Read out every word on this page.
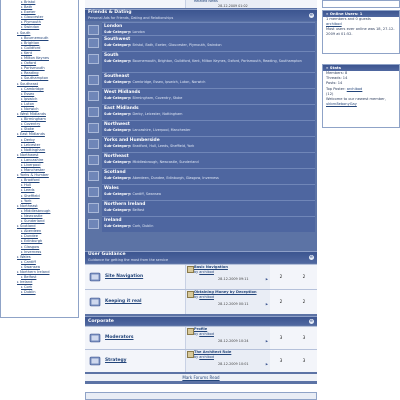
▸ Bristol
▸ Bath
▸ Exeter
▸ Gloucester
▸ Plymouth
▸ Swindon
▸ South
▸ Bournemouth
▸ Brighton
▸ Guildford
▸ Kent
▸ Milton Keynes
▸ Oxford
▸ Portsmouth
▸ Reading
▸ Southampton
▸ Southeast
▸ Cambridge
▸ Essex
▸ Ipswich
▸ Luton
▸ Norwich
▸ West Midlands
▸ Birmingham
▸ Coventry
▸ Stoke
▸ East Midlands
▸ Derby
▸ Leicester
▸ Nottingham
▸ Northwest
▸ Lancashire
▸ Liverpool
▸ Manchester
▸ Yorks & Humber
▸ Bradford
▸ Hull
▸ Leeds
▸ Sheffield
▸ York
▸ Northeast
▸ Middlesbrough
▸ Newcastle
▸ Sunderland
▸ Scotland
▸ Aberdeen
▸ Dundee
▸ Edinburgh
▸ Glasgow
▸ Inverness
▸ Wales
▸ Cardiff
▸ Swansea
▸ Northern Ireland
▸ Belfast
▸ Ireland
▸ Cork
▸ Dublin
Related News
28-12-2009 01:02
Friends & Dating
Personal Ads for Friends, Dating and Relationships
⊖
London
Sub-Category: London
Southwest
Sub-Category: Bristol, Bath, Exeter, Gloucester, Plymouth, Swindon
South
Sub-Category: Bournemouth, Brighton, Guildford, Kent, Milton Keynes, Oxford, Portsmouth, Reading, Southampton
Southeast
Sub-Category: Cambridge, Essex, Ipswich, Luton, Norwich
West Midlands
Sub-Category: Birmingham, Coventry, Stoke
East Midlands
Sub-Category: Derby, Leicester, Nottingham
Northwest
Sub-Category: Lancashire, Liverpool, Manchester
Yorks and Humberside
Sub-Category: Bradford, Hull, Leeds, Sheffield, York
Northeast
Sub-Category: Middlesbrough, Newcastle, Sunderland
Scotland
Sub-Category: Aberdeen, Dundee, Edinburgh, Glasgow, Inverness
Wales
Sub-Category: Cardiff, Swansea
Northern Ireland
Sub-Category: Belfast
Ireland
Sub-Category: Cork, Dublin
User Guidance
Guidance for getting the most from the service
⊖
Site Navigation
Basic Navigation
by archibod
28-12-2009 09:11	▶	2	2
Keeping it real
Obtaining Money by Deception
by archibod
28-12-2009 00:11	▶	2	2
Corporate	⊖
Moderators
Profile
by archibod
28-12-2009 10:24	▶
3	3
Strategy
The Architect Role
by archibod
28-12-2009 10:01	▶
3	3
Mark Forums Read
» Online Users: 1
1 members and 0 guests
archibod
Most users ever online was 18, 27-12-2009 at 01:52.
» Stats
Members: 8
Threads: 14
Posts: 14
Top Poster: archibod
(12)
Welcome to our newest member,
ukbrn8ebonyGay
